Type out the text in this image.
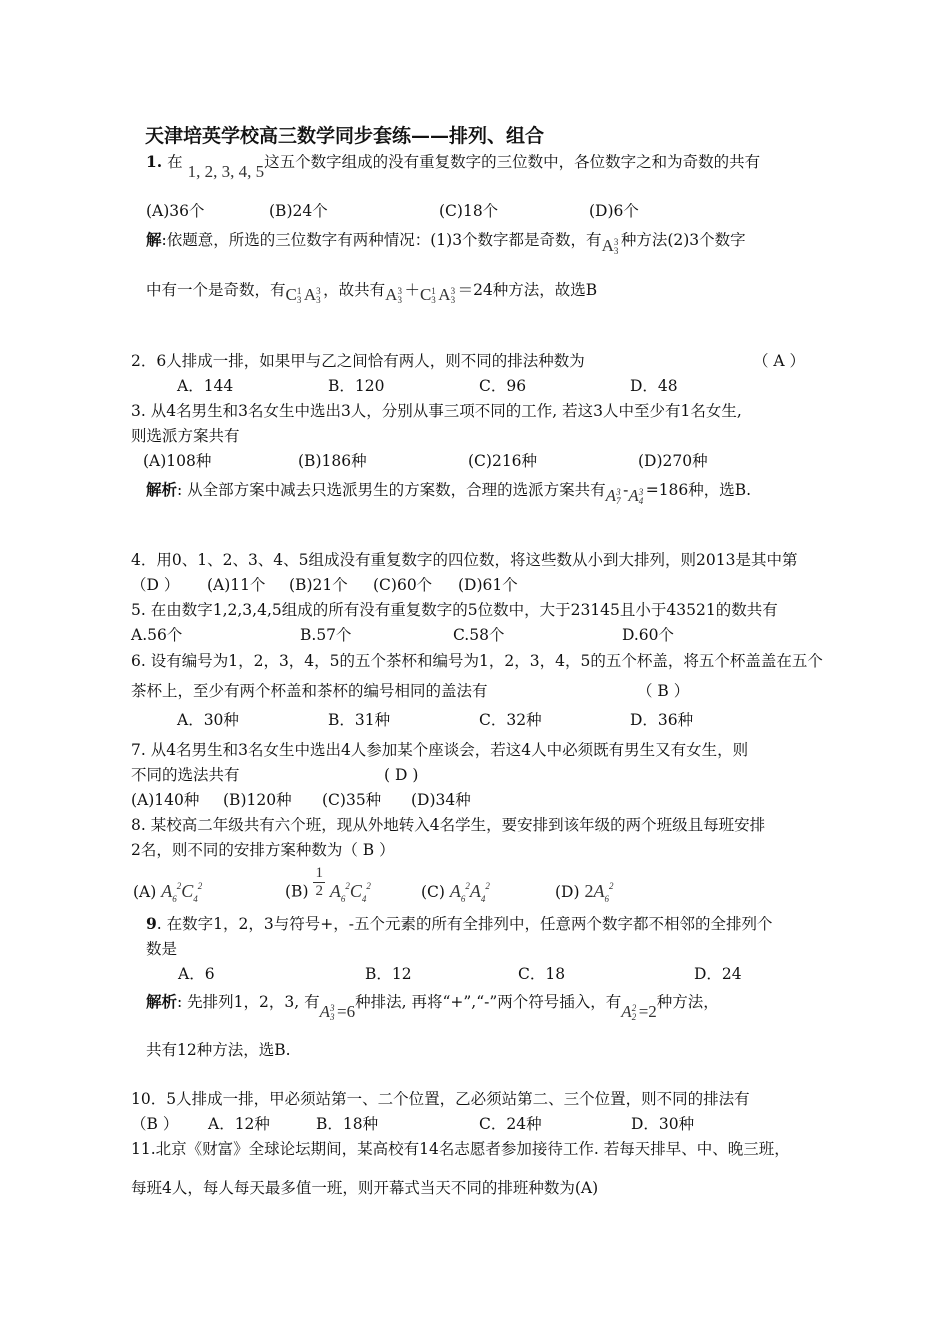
天津培英学校高三数学同步套练——排列、组合
1. 在 1, 2, 3, 4, 5这五个数字组成的没有重复数字的三位数中，各位数字之和为奇数的共有
(A)36个	(B)24个	(C)18个	(D)6个
解:依题意，所选的三位数字有两种情况：(1)3个数字都是奇数，有A 3
3
种方法(2)3个数字
中有一个是奇数，有C 1
3 A 3
3
，故共有A 3
3
＋C 1
3 A 3
3
＝24种方法，故选B
2．6人排成一排，如果甲与乙之间恰有两人，则不同的排法种数为	（ A ）
A．144	B．120	C．96	D．48
3. 从4名男生和3名女生中选出3人，分别从事三项不同的工作, 若这3人中至少有1名女生,
则选派方案共有
(A)108种	(B)186种	(C)216种	(D)270种
解析: 从全部方案中减去只选派男生的方案数，合理的选派方案共有A 3
7
-A 3
4
=186种，选B.
4．用0、1、2、3、4、5组成没有重复数字的四位数，将这些数从小到大排列，则2013是其中第
（D ） (A)11个 (B)21个 (C)60个 (D)61个
5. 在由数字1,2,3,4,5组成的所有没有重复数字的5位数中，大于23145且小于43521的数共有
A.56个	B.57个	C.58个	D.60个
6. 设有编号为1，2，3，4，5的五个茶杯和编号为1，2，3，4，5的五个杯盖，将五个杯盖盖在五个
茶杯上，至少有两个杯盖和茶杯的编号相同的盖法有	（ B ）
A．30种	B．31种	C．32种	D．36种
7. 从4名男生和3名女生中选出4人参加某个座谈会，若这4人中必须既有男生又有女生，则
不同的选法共有	( D )
(A)140种 (B)120种 (C)35种 (D)34种
8. 某校高二年级共有六个班，现从外地转入4名学生，要安排到该年级的两个班级且每班安排
2名，则不同的安排方案种数为（ B ）
(A) $A_6^2C_4^2$	$(B) \frac{1}{2} A_6^2C_4^2$	(C) $A_6^2A_4^2$	(D) $2A_6^2$
9. 在数字1，2，3与符号+，-五个元素的所有全排列中，任意两个数字都不相邻的全排列个
数是
A．6	B．12	C．18	D．24
解析: 先排列1，2，3, 有A 3
3 =6种排法, 再将“+”,“-”两个符号插入，有A 2
2 =2种方法，
共有12种方法，选B.
10．5人排成一排，甲必须站第一、二个位置，乙必须站第二、三个位置，则不同的排法有
（B ） A．12种	B．18种	C．24种	D．30种
11.北京《财富》全球论坛期间，某高校有14名志愿者参加接待工作. 若每天排早、中、晚三班，
每班4人，每人每天最多值一班，则开幕式当天不同的排班种数为(A)
